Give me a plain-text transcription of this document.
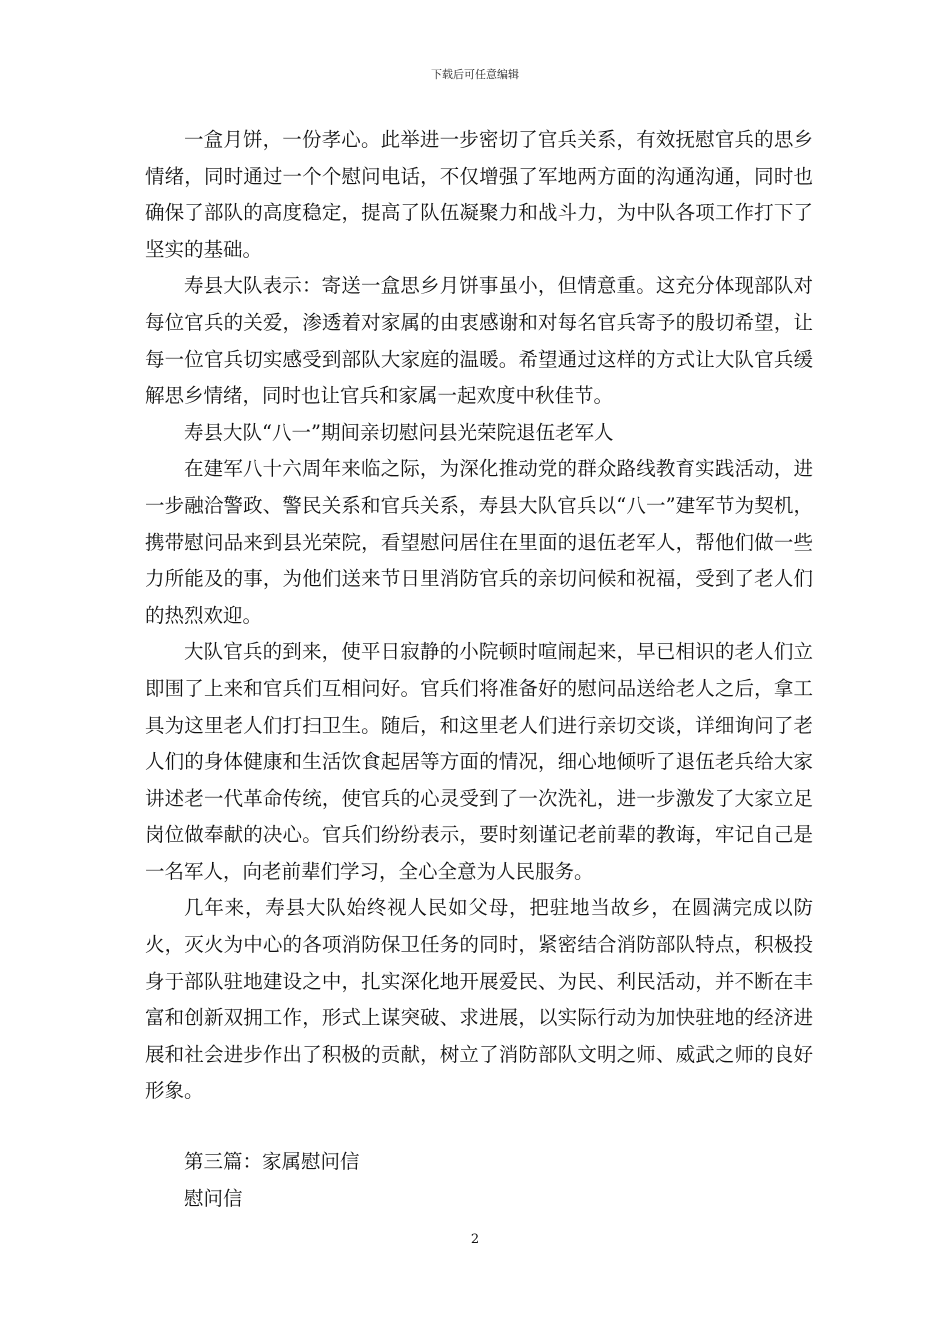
下载后可任意编辑

一盒月饼，一份孝心。此举进一步密切了官兵关系，有效抚慰官兵的思乡情绪，同时通过一个个慰问电话，不仅增强了军地两方面的沟通沟通，同时也确保了部队的高度稳定，提高了队伍凝聚力和战斗力，为中队各项工作打下了坚实的基础。

寿县大队表示：寄送一盒思乡月饼事虽小，但情意重。这充分体现部队对每位官兵的关爱，渗透着对家属的由衷感谢和对每名官兵寄予的殷切希望，让每一位官兵切实感受到部队大家庭的温暖。希望通过这样的方式让大队官兵缓解思乡情绪，同时也让官兵和家属一起欢度中秋佳节。

寿县大队“八一”期间亲切慰问县光荣院退伍老军人

在建军八十六周年来临之际，为深化推动党的群众路线教育实践活动，进一步融洽警政、警民关系和官兵关系，寿县大队官兵以“八一”建军节为契机，携带慰问品来到县光荣院，看望慰问居住在里面的退伍老军人，帮他们做一些力所能及的事，为他们送来节日里消防官兵的亲切问候和祝福，受到了老人们的热烈欢迎。

大队官兵的到来，使平日寂静的小院顿时喧闹起来，早已相识的老人们立即围了上来和官兵们互相问好。官兵们将准备好的慰问品送给老人之后，拿工具为这里老人们打扫卫生。随后，和这里老人们进行亲切交谈，详细询问了老人们的身体健康和生活饮食起居等方面的情况，细心地倾听了退伍老兵给大家讲述老一代革命传统，使官兵的心灵受到了一次洗礼，进一步激发了大家立足岗位做奉献的决心。官兵们纷纷表示，要时刻谨记老前辈的教诲，牢记自己是一名军人，向老前辈们学习，全心全意为人民服务。

几年来，寿县大队始终视人民如父母，把驻地当故乡，在圆满完成以防火，灭火为中心的各项消防保卫任务的同时，紧密结合消防部队特点，积极投身于部队驻地建设之中，扎实深化地开展爱民、为民、利民活动，并不断在丰富和创新双拥工作，形式上谋突破、求进展，以实际行动为加快驻地的经济进展和社会进步作出了积极的贡献，树立了消防部队文明之师、威武之师的良好形象。

第三篇：家属慰问信

慰问信

2
